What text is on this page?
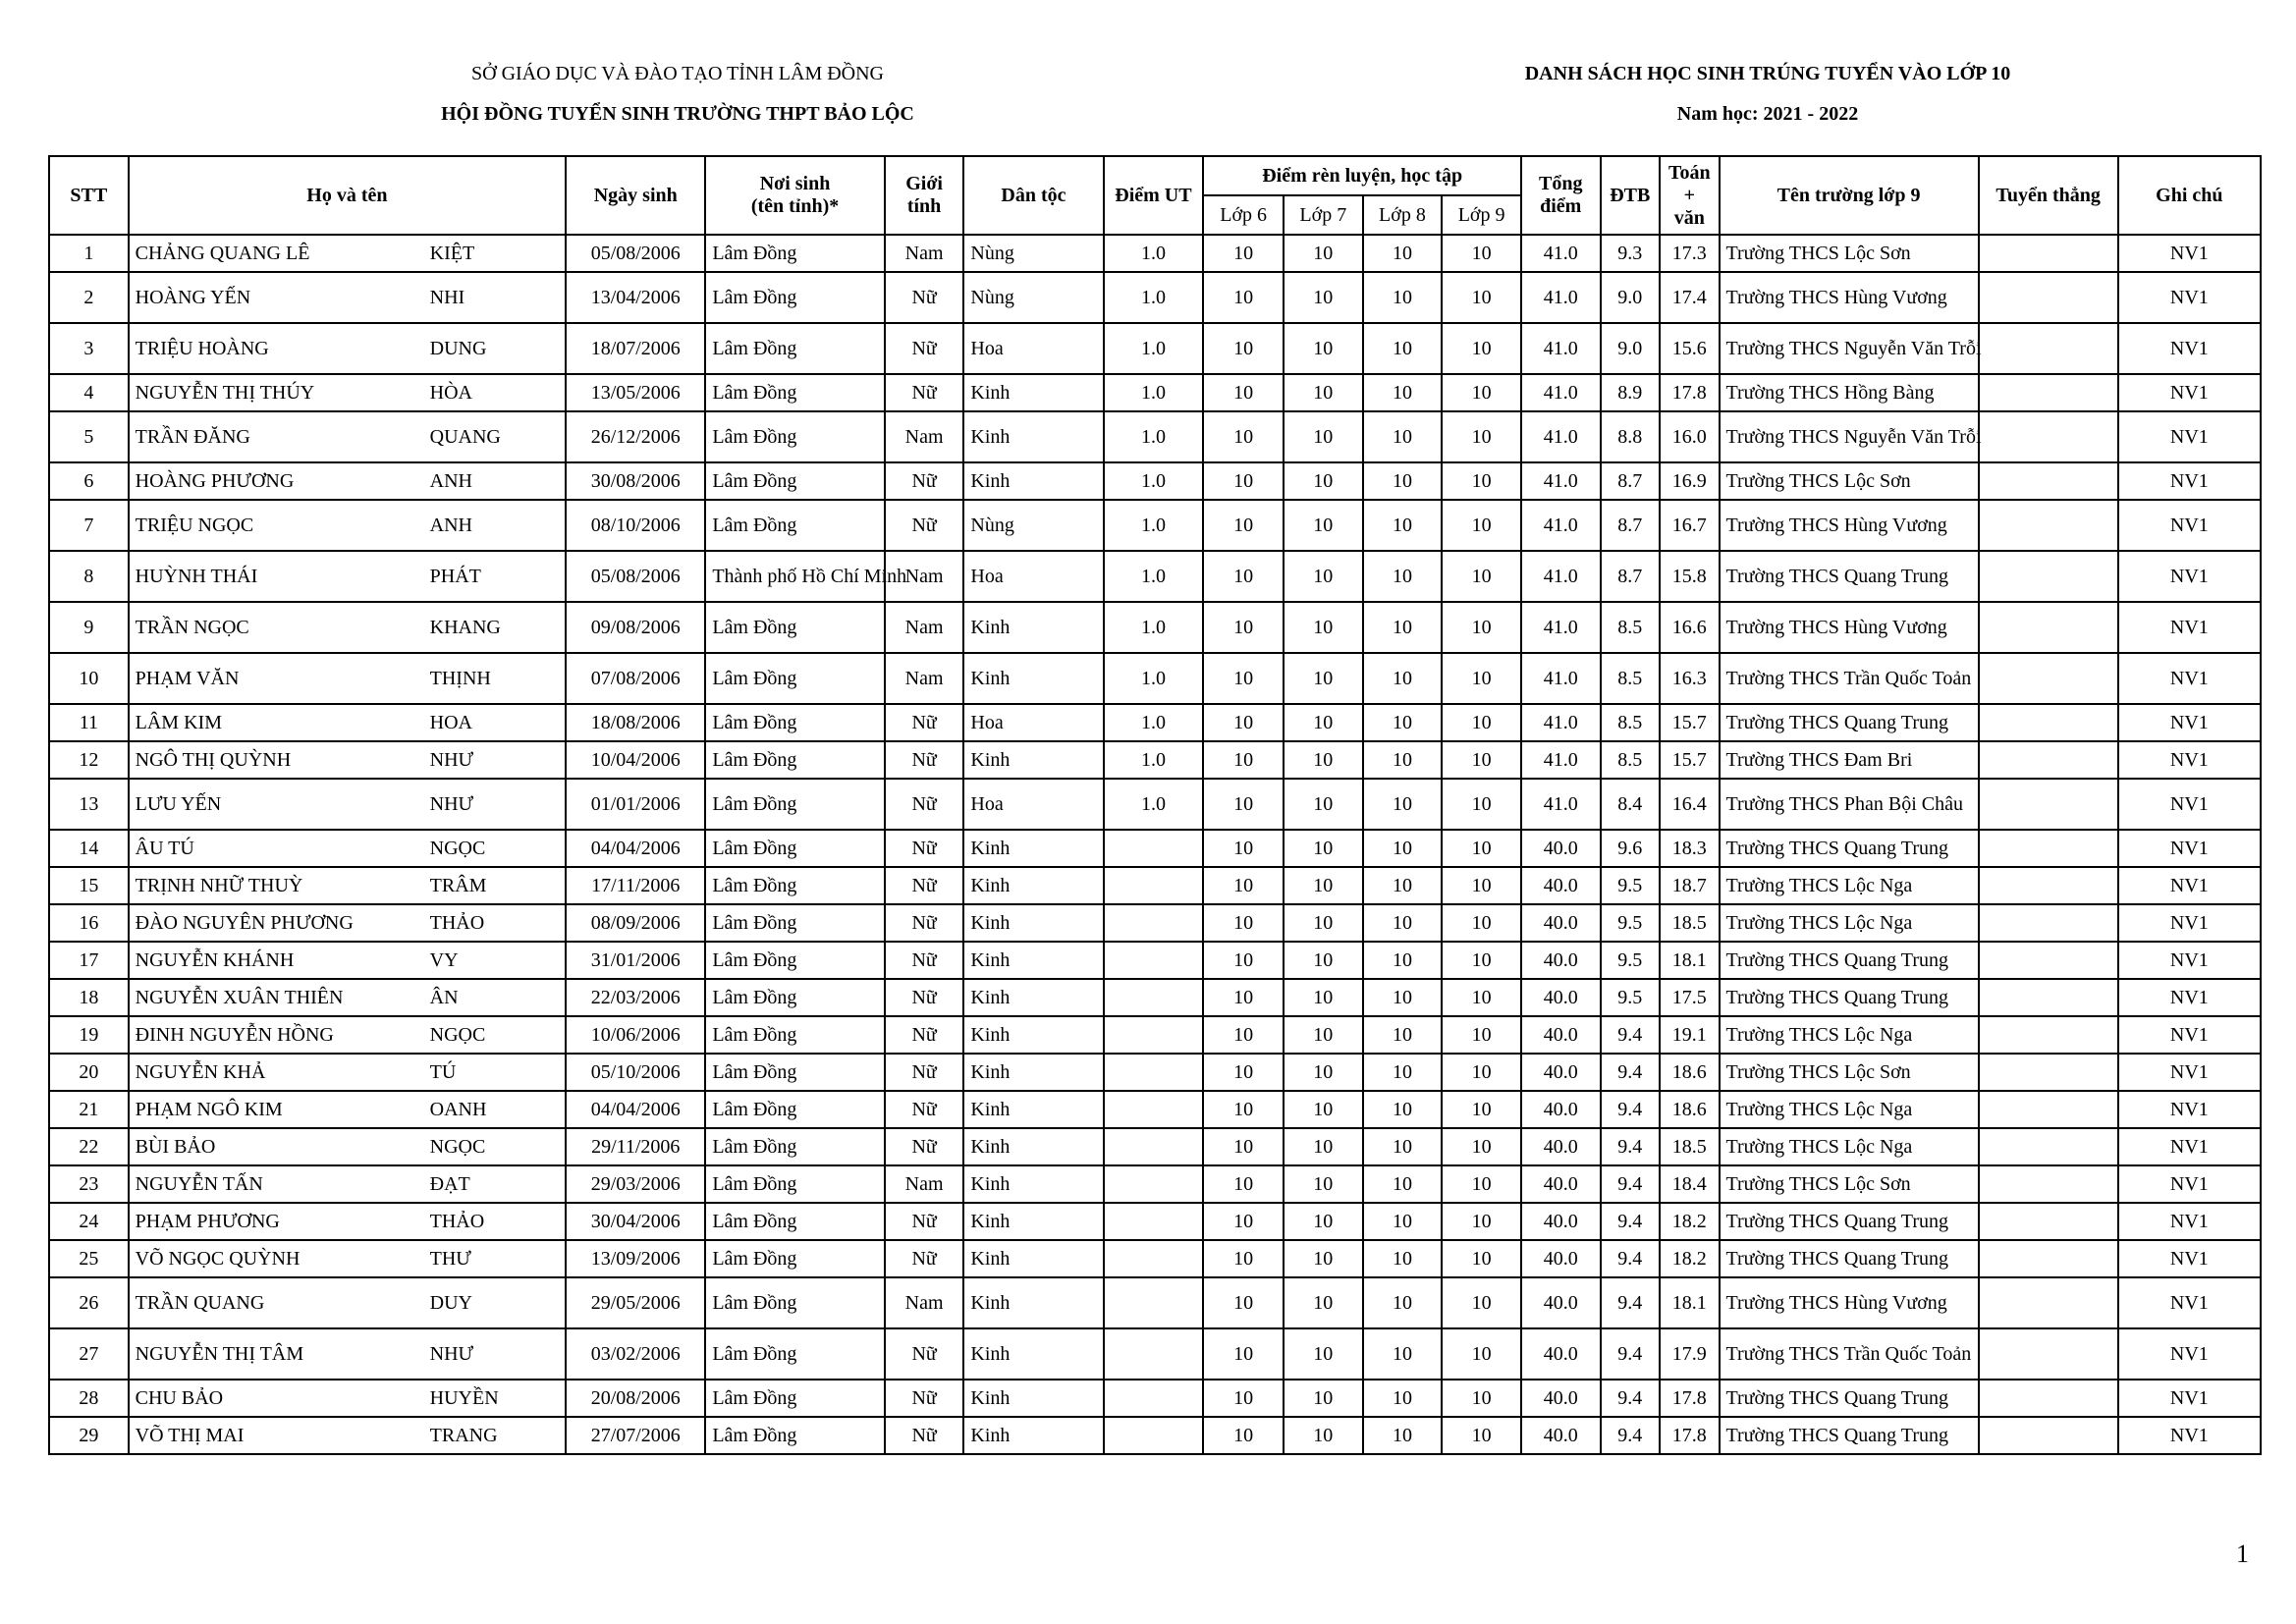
SỞ GIÁO DỤC VÀ ĐÀO TẠO TỈNH LÂM ĐỒNG
HỘI ĐỒNG TUYỂN SINH TRƯỜNG THPT BẢO LỘC
DANH SÁCH HỌC SINH TRÚNG TUYỂN VÀO LỚP 10
Nam học: 2021 - 2022
STT	Họ và tên	Ngày sinh	Nơi sinh
(tên tỉnh)*	Giới
tính	Dân tộc	Điểm UT	Điểm rèn luyện, học tập				Tổng
điểm	ĐTB	Toán +
văn	Tên trường lớp 9	Tuyển thẳng	Ghi chú
							Lớp 6	Lớp 7	Lớp 8	Lớp 9						
1	CHẢNG QUANG LÊ KIỆT	05/08/2006	Lâm Đồng	Nam	Nùng	1.0	10	10	10	10	41.0	9.3	17.3	Trường THCS Lộc Sơn		NV1
2	HOÀNG YẾN NHI	13/04/2006	Lâm Đồng	Nữ	Nùng	1.0	10	10	10	10	41.0	9.0	17.4	Trường THCS Hùng Vương		NV1
3	TRIỆU HOÀNG DUNG	18/07/2006	Lâm Đồng	Nữ	Hoa	1.0	10	10	10	10	41.0	9.0	15.6	Trường THCS Nguyễn Văn Trỗi		NV1
4	NGUYỄN THỊ THÚY HÒA	13/05/2006	Lâm Đồng	Nữ	Kinh	1.0	10	10	10	10	41.0	8.9	17.8	Trường THCS Hồng Bàng		NV1
5	TRẦN ĐĂNG QUANG	26/12/2006	Lâm Đồng	Nam	Kinh	1.0	10	10	10	10	41.0	8.8	16.0	Trường THCS Nguyễn Văn Trỗi		NV1
6	HOÀNG PHƯƠNG ANH	30/08/2006	Lâm Đồng	Nữ	Kinh	1.0	10	10	10	10	41.0	8.7	16.9	Trường THCS Lộc Sơn		NV1
7	TRIỆU NGỌC ANH	08/10/2006	Lâm Đồng	Nữ	Nùng	1.0	10	10	10	10	41.0	8.7	16.7	Trường THCS Hùng Vương		NV1
8	HUỲNH THÁI PHÁT	05/08/2006	Thành phố Hồ Chí Minh	Nam	Hoa	1.0	10	10	10	10	41.0	8.7	15.8	Trường THCS Quang Trung		NV1
9	TRẦN NGỌC KHANG	09/08/2006	Lâm Đồng	Nam	Kinh	1.0	10	10	10	10	41.0	8.5	16.6	Trường THCS Hùng Vương		NV1
10	PHẠM VĂN THỊNH	07/08/2006	Lâm Đồng	Nam	Kinh	1.0	10	10	10	10	41.0	8.5	16.3	Trường THCS Trần Quốc Toản		NV1
11	LÂM KIM HOA	18/08/2006	Lâm Đồng	Nữ	Hoa	1.0	10	10	10	10	41.0	8.5	15.7	Trường THCS Quang Trung		NV1
12	NGÔ THỊ QUỲNH NHƯ	10/04/2006	Lâm Đồng	Nữ	Kinh	1.0	10	10	10	10	41.0	8.5	15.7	Trường THCS Đam Bri		NV1
13	LƯU YẾN NHƯ	01/01/2006	Lâm Đồng	Nữ	Hoa	1.0	10	10	10	10	41.0	8.4	16.4	Trường THCS Phan Bội Châu		NV1
14	ÂU TÚ NGỌC	04/04/2006	Lâm Đồng	Nữ	Kinh		10	10	10	10	40.0	9.6	18.3	Trường THCS Quang Trung		NV1
15	TRỊNH NHỮ THUỲ TRÂM	17/11/2006	Lâm Đồng	Nữ	Kinh		10	10	10	10	40.0	9.5	18.7	Trường THCS Lộc Nga		NV1
16	ĐÀO NGUYÊN PHƯƠNG THẢO	08/09/2006	Lâm Đồng	Nữ	Kinh		10	10	10	10	40.0	9.5	18.5	Trường THCS Lộc Nga		NV1
17	NGUYỄN KHÁNH VY	31/01/2006	Lâm Đồng	Nữ	Kinh		10	10	10	10	40.0	9.5	18.1	Trường THCS Quang Trung		NV1
18	NGUYỄN XUÂN THIÊN ÂN	22/03/2006	Lâm Đồng	Nữ	Kinh		10	10	10	10	40.0	9.5	17.5	Trường THCS Quang Trung		NV1
19	ĐINH NGUYỄN HỒNG NGỌC	10/06/2006	Lâm Đồng	Nữ	Kinh		10	10	10	10	40.0	9.4	19.1	Trường THCS Lộc Nga		NV1
20	NGUYỄN KHẢ TÚ	05/10/2006	Lâm Đồng	Nữ	Kinh		10	10	10	10	40.0	9.4	18.6	Trường THCS Lộc Sơn		NV1
21	PHẠM NGÔ KIM OANH	04/04/2006	Lâm Đồng	Nữ	Kinh		10	10	10	10	40.0	9.4	18.6	Trường THCS Lộc Nga		NV1
22	BÙI BẢO NGỌC	29/11/2006	Lâm Đồng	Nữ	Kinh		10	10	10	10	40.0	9.4	18.5	Trường THCS Lộc Nga		NV1
23	NGUYỄN TẤN ĐẠT	29/03/2006	Lâm Đồng	Nam	Kinh		10	10	10	10	40.0	9.4	18.4	Trường THCS Lộc Sơn		NV1
24	PHẠM PHƯƠNG THẢO	30/04/2006	Lâm Đồng	Nữ	Kinh		10	10	10	10	40.0	9.4	18.2	Trường THCS Quang Trung		NV1
25	VÕ NGỌC QUỲNH THƯ	13/09/2006	Lâm Đồng	Nữ	Kinh		10	10	10	10	40.0	9.4	18.2	Trường THCS Quang Trung		NV1
26	TRẦN QUANG DUY	29/05/2006	Lâm Đồng	Nam	Kinh		10	10	10	10	40.0	9.4	18.1	Trường THCS Hùng Vương		NV1
27	NGUYỄN THỊ TÂM NHƯ	03/02/2006	Lâm Đồng	Nữ	Kinh		10	10	10	10	40.0	9.4	17.9	Trường THCS Trần Quốc Toản		NV1
28	CHU BẢO HUYỀN	20/08/2006	Lâm Đồng	Nữ	Kinh		10	10	10	10	40.0	9.4	17.8	Trường THCS Quang Trung		NV1
29	VÕ THỊ MAI TRANG	27/07/2006	Lâm Đồng	Nữ	Kinh		10	10	10	10	40.0	9.4	17.8	Trường THCS Quang Trung		NV1
1
